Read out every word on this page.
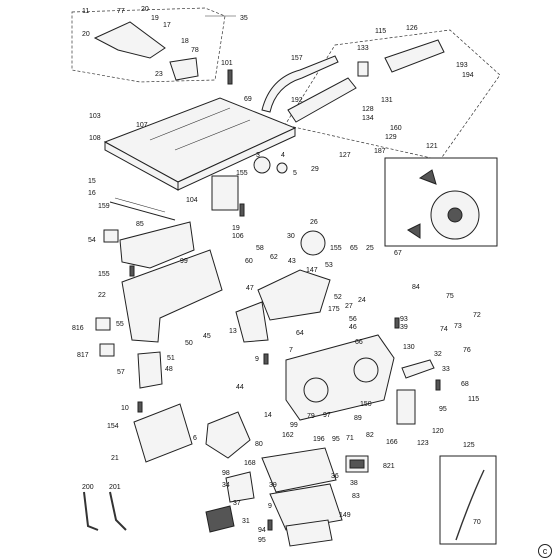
11	77 20
19
17
20
18
78
23
35
101
69
157
133
115	126
193
194
192
103
107
108
131
128
134
160
129
121
127
187
3	4
5
29
155
15
16
159
104
85
19
106
26
54
30
58
60
62
43
155 65 25
99
147
53
67
155
47
52
84
75
22
24
175 27
93
72
55
816
56
46	39	74 73
13	64
45
50
7
66
130	76
817	51
48
32
9
57	33
44	68
115
150
10	95
14	79 97	89
154	99
162
196 95 71 82
120
6
80	166	123	125
21
168
98
821
36
38
200 201	34	39
83
37
31
9
149
70
94
95
c
